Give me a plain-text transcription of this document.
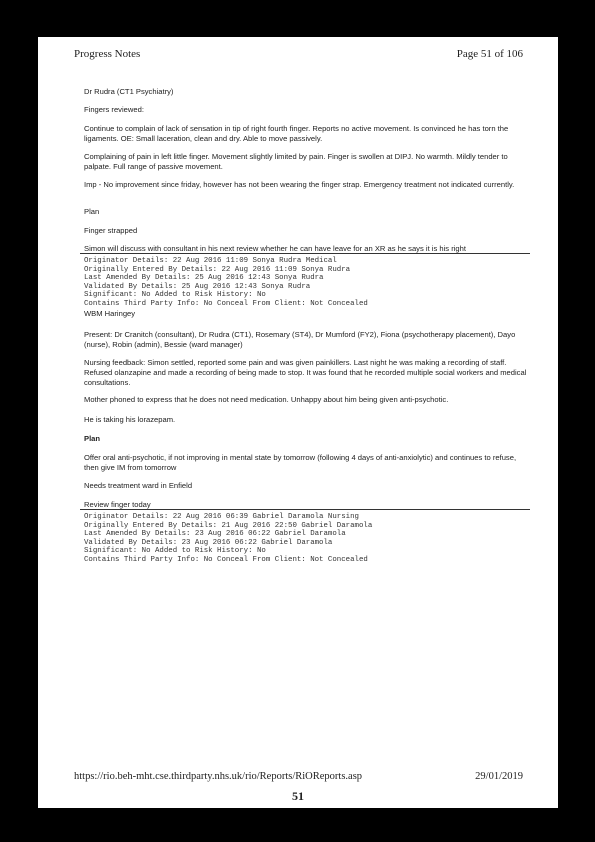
Progress Notes	Page 51 of 106

Dr Rudra (CT1 Psychiatry)

Fingers reviewed:

Continue to complain of lack of sensation in tip of right fourth finger. Reports no active movement. Is convinced he has torn the ligaments. OE: Small laceration, clean and dry. Able to move passively.

Complaining of pain in left little finger. Movement slightly limited by pain. Finger is swollen at DIPJ. No warmth. Mildly tender to palpate. Full range of passive movement.

Imp - No improvement since friday, however has not been wearing the finger strap. Emergency treatment not indicated currently.

Plan

Finger strapped

Simon will discuss with consultant in his next review whether he can have leave for an XR as he says it is his right

Originator Details: 22 Aug 2016 11:09 Sonya Rudra Medical

Originally Entered By Details: 22 Aug 2016 11:09 Sonya Rudra

Last Amended By Details: 25 Aug 2016 12:43 Sonya Rudra

Validated By Details: 25 Aug 2016 12:43 Sonya Rudra

Significant: No Added to Risk History: No

Contains Third Party Info: No Conceal From Client: Not Concealed

WBM Haringey

Present: Dr Cranitch (consultant), Dr Rudra (CT1), Rosemary (ST4), Dr Mumford (FY2), Fiona (psychotherapy placement), Dayo (nurse), Robin (admin), Bessie (ward manager)

Nursing feedback: Simon settled, reported some pain and was given painkillers. Last night he was making a recording of staff. Refused olanzapine and made a recording of being made to stop. It was found that he recorded multiple social workers and medical consultations.

Mother phoned to express that he does not need medication. Unhappy about him being given anti-psychotic.

He is taking his lorazepam.

Plan

Offer oral anti-psychotic, if not improving in mental state by tomorrow (following 4 days of anti-anxiolytic) and continues to refuse, then give IM from tomorrow

Needs treatment ward in Enfield

Review finger today

Originator Details: 22 Aug 2016 06:39 Gabriel Daramola Nursing

Originally Entered By Details: 21 Aug 2016 22:50 Gabriel Daramola

Last Amended By Details: 23 Aug 2016 06:22 Gabriel Daramola

Validated By Details: 23 Aug 2016 06:22 Gabriel Daramola

Significant: No Added to Risk History: No

Contains Third Party Info: No Conceal From Client: Not Concealed

https://rio.beh-mht.cse.thirdparty.nhs.uk/rio/Reports/RiOReports.asp	29/01/2019
51
